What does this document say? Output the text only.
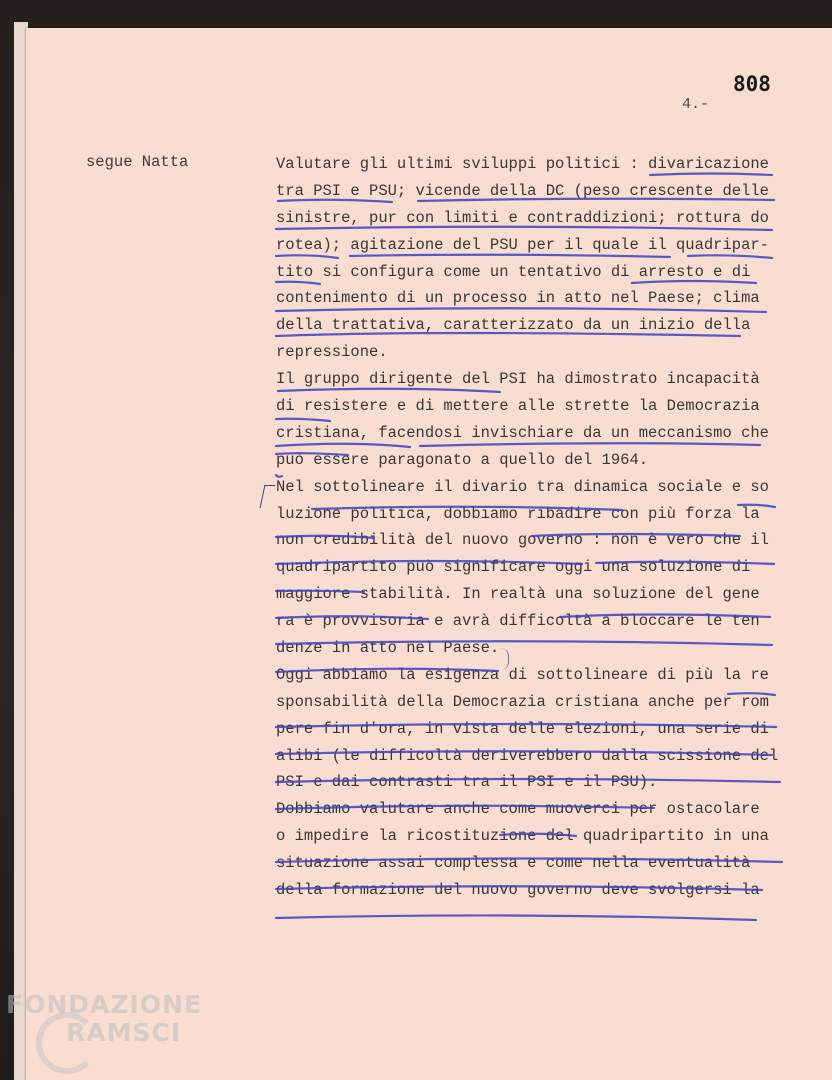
808
4.-
segue Natta	Valutare gli ultimi sviluppi politici : divaricazione
tra PSI e PSU; vicende della DC (peso crescente delle
sinistre, pur con limiti e contraddizioni; rottura do
rotea); agitazione del PSU per il quale il quadripar-
tito si configura come un tentativo di arresto e di
contenimento di un processo in atto nel Paese; clima
della trattativa, caratterizzato da un inizio della
repressione.
Il gruppo dirigente del PSI ha dimostrato incapacità
di resistere e di mettere alle strette la Democrazia
cristiana, facendosi invischiare da un meccanismo che
può essere paragonato a quello del 1964.
Nel sottolineare il divario tra dinamica sociale e so
luzione politica, dobbiamo ribadire con più forza la
non credibilità del nuovo governo : non è vero che il
quadripartito può significare oggi una soluzione di
maggiore stabilità. In realtà una soluzione del gene
ra è provvisoria e avrà difficoltà a bloccare le ten
denze in atto nel Paese.
Oggi abbiamo la esigenza di sottolineare di più la re
sponsabilità della Democrazia cristiana anche per rom
pere fin d'ora, in vista delle elezioni, una serie di
alibi (le difficoltà deriverebbero dalla scissione del
PSI e dai contrasti tra il PSI e il PSU).
Dobbiamo valutare anche come muoverci per ostacolare
o impedire la ricostituzione del quadripartito in una
situazione assai complessa e come nella eventualità
della formazione del nuovo governo deve svolgersi la
FONDAZIONE
RAMSCI
